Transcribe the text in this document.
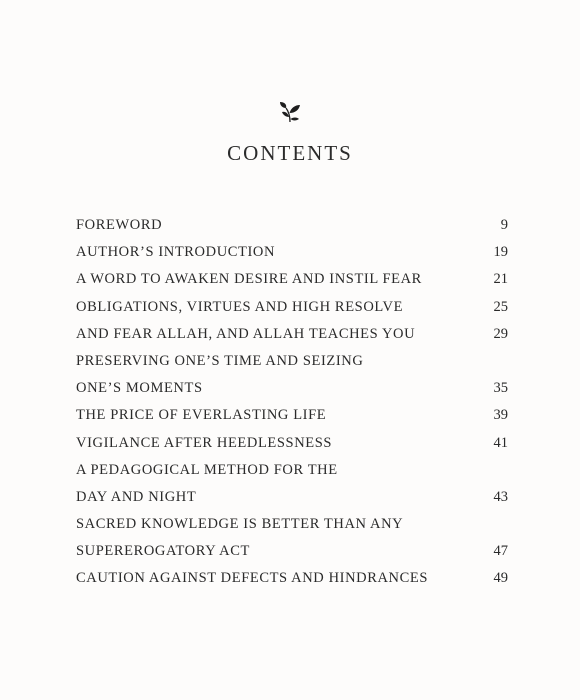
CONTENTS
FOREWORD	9
AUTHOR’S INTRODUCTION	19
A WORD TO AWAKEN DESIRE AND INSTIL FEAR	21
OBLIGATIONS, VIRTUES AND HIGH RESOLVE	25
AND FEAR ALLAH, AND ALLAH TEACHES YOU	29
PRESERVING ONE’S TIME AND SEIZING
ONE’S MOMENTS	35
THE PRICE OF EVERLASTING LIFE	39
VIGILANCE AFTER HEEDLESSNESS	41
A PEDAGOGICAL METHOD FOR THE
DAY AND NIGHT	43
SACRED KNOWLEDGE IS BETTER THAN ANY
SUPEREROGATORY ACT	47
CAUTION AGAINST DEFECTS AND HINDRANCES	49
